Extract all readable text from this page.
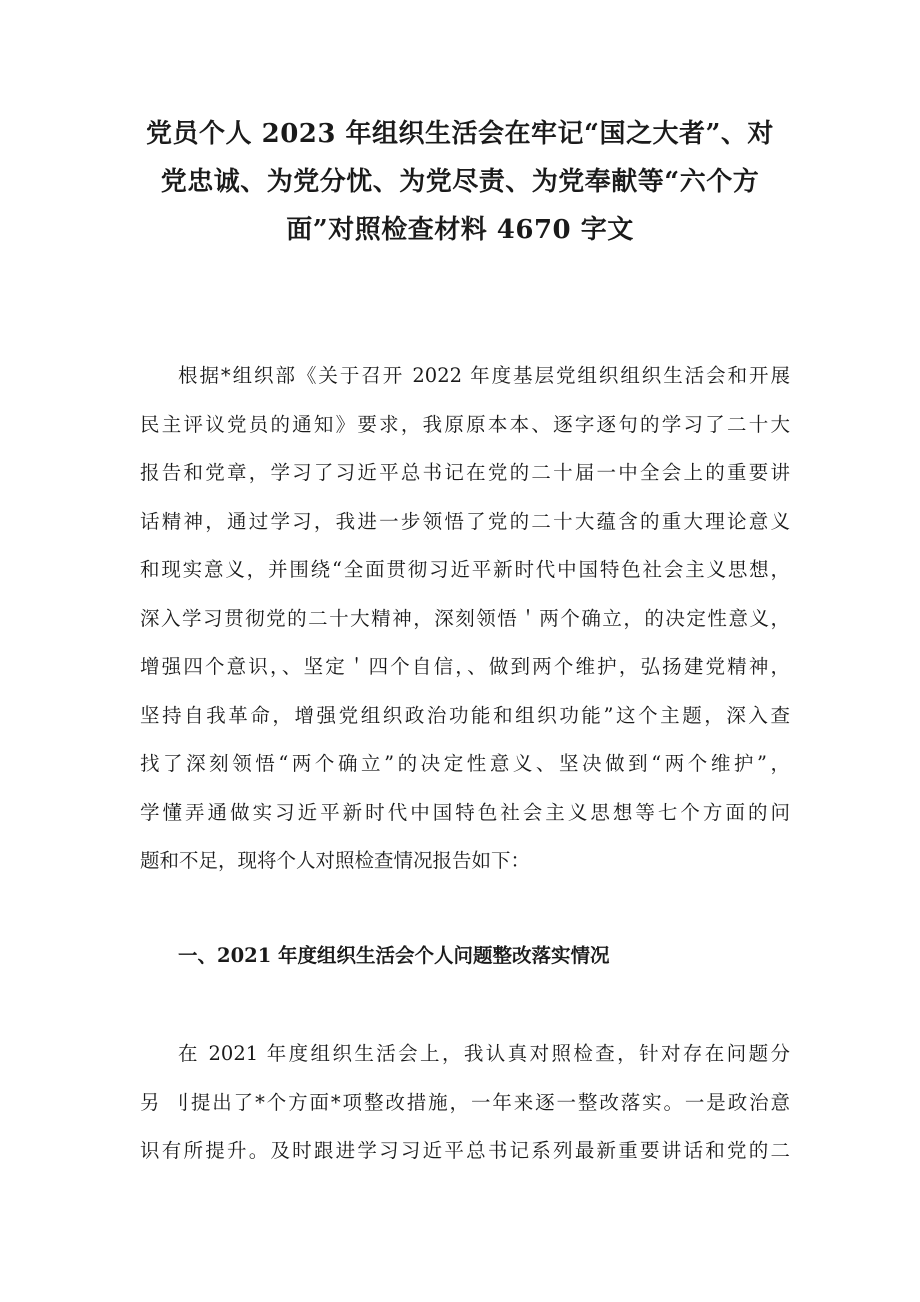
党员个人 2023 年组织生活会在牢记“国之大者”、对
党忠诚、为党分忧、为党尽责、为党奉献等“六个方
面”对照检查材料 4670 字文
根据*组织部《关于召开 2022 年度基层党组织组织生活会和开展
民主评议党员的通知》要求，我原原本本、逐字逐句的学习了二十大
报告和党章，学习了习近平总书记在党的二十届一中全会上的重要讲
话精神，通过学习，我进一步领悟了党的二十大蕴含的重大理论意义
和现实意义，并围绕“全面贯彻习近平新时代中国特色社会主义思想，
深入学习贯彻党的二十大精神，深刻领悟＇两个确立，的决定性意义，
增强四个意识，、坚定＇四个自信，、做到两个维护，弘扬建党精神，
坚持自我革命，增强党组织政治功能和组织功能”这个主题，深入查
找了深刻领悟“两个确立”的决定性意义、坚决做到“两个维护”，
学懂弄通做实习近平新时代中国特色社会主义思想等七个方面的问
题和不足，现将个人对照检查情况报告如下：
一、2021 年度组织生活会个人问题整改落实情况
在 2021 年度组织生活会上，我认真对照检查，针对存在问题分
另 刂提出了*个方面*项整改措施，一年来逐一整改落实。一是政治意
识有所提升。及时跟进学习习近平总书记系列最新重要讲话和党的二
